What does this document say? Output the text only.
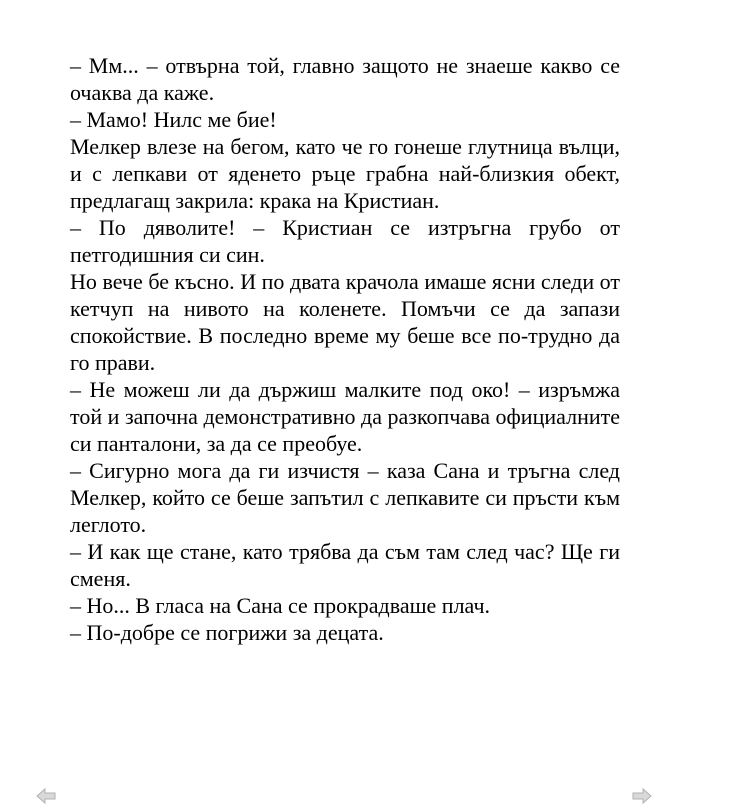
– Мм... – отвърна той, главно защото не знаеше какво се очаква да каже.

– Мамо! Нилс ме бие!

Мелкер влезе на бегом, като че го гонеше глутница вълци, и с лепкави от яденето ръце грабна най-близкия обект, предлагащ закрила: крака на Кристиан.

– По дяволите! – Кристиан се изтръгна грубо от петгодишния си син.

Но вече бе късно. И по двата крачола имаше ясни следи от кетчуп на нивото на коленете. Помъчи се да запази спокойствие. В последно време му беше все по-трудно да го прави.

– Не можеш ли да държиш малките под око! – изръмжа той и започна демонстративно да разкопчава официалните си панталони, за да се преобуе.

– Сигурно мога да ги изчистя – каза Сана и тръгна след Мелкер, който се беше запътил с лепкавите си пръсти към леглото.

– И как ще стане, като трябва да съм там след час? Ще ги сменя.

– Но... В гласа на Сана се прокрадваше плач.

– По-добре се погрижи за децата.
